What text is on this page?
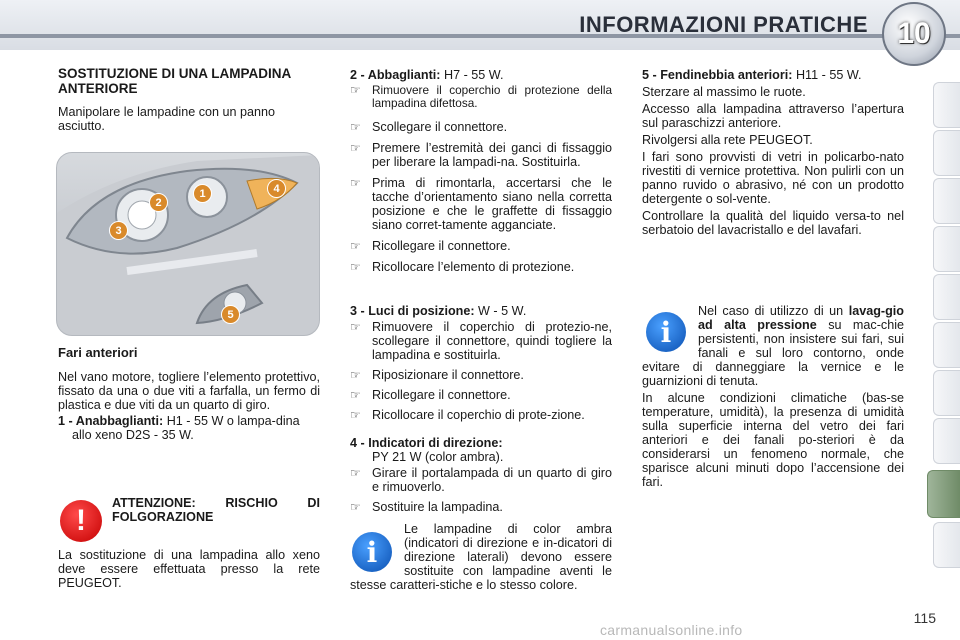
INFORMAZIONI PRATICHE 10

SOSTITUZIONE DI UNA LAMPADINA ANTERIORE

Manipolare le lampadine con un panno asciutto.

1
2
3
4
5

Fari anteriori

Nel vano motore, togliere l’elemento protettivo, fissato da una o due viti a farfalla, un fermo di plastica e due viti da un quarto di giro.

1 - Anabbaglianti: H1 - 55 W o lampa-dina allo xeno D2S - 35 W.

!

ATTENZIONE: RISCHIO DI FOLGORAZIONE

La sostituzione di una lampadina allo xeno deve essere effettuata presso la rete PEUGEOT.

2 - Abbaglianti: H7 - 55 W.

☞ Rimuovere il coperchio di protezione della lampadina difettosa.
☞ Scollegare il connettore.
☞ Premere l’estremità dei ganci di fissaggio per liberare la lampadi-na. Sostituirla.
☞ Prima di rimontarla, accertarsi che le tacche d’orientamento siano nella corretta posizione e che le graffette di fissaggio siano corret-tamente agganciate.
☞ Ricollegare il connettore.
☞ Ricollocare l’elemento di protezione.

3 - Luci di posizione: W - 5 W.

☞ Rimuovere il coperchio di protezio-ne, scollegare il connettore, quindi togliere la lampadina e sostituirla.
☞ Riposizionare il connettore.
☞ Ricollegare il connettore.
☞ Ricollocare il coperchio di prote-zione.

4 - Indicatori di direzione:

PY 21 W (color ambra).

☞ Girare il portalampada di un quarto di giro e rimuoverlo.
☞ Sostituire la lampadina.
i
Le lampadine di color ambra (indicatori di direzione e in-dicatori di direzione laterali) devono essere sostituite con lampadine aventi le stesse caratteri-stiche e lo stesso colore.

5 - Fendinebbia anteriori: H11 - 55 W.

Sterzare al massimo le ruote.

Accesso alla lampadina attraverso l’apertura sul paraschizzi anteriore.

Rivolgersi alla rete PEUGEOT.

I fari sono provvisti di vetri in policarbo-nato rivestiti di vernice protettiva. Non pulirli con un panno ruvido o abrasivo, né con un prodotto detergente o sol-vente.

Controllare la qualità del liquido versa-to nel serbatoio del lavacristallo e del lavafari.

i
Nel caso di utilizzo di un lavag-gio ad alta pressione su mac-chie persistenti, non insistere sui fari, sui fanali e sul loro contorno, onde evitare di danneggiare la vernice e le guarnizioni di tenuta.

In alcune condizioni climatiche (bas-se temperature, umidità), la presenza di umidità sulla superficie interna del vetro dei fari anteriori e dei fanali po-steriori è da considerarsi un fenomeno normale, che sparisce alcuni minuti dopo l’accensione dei fari.

115
carmanualsonline.info
